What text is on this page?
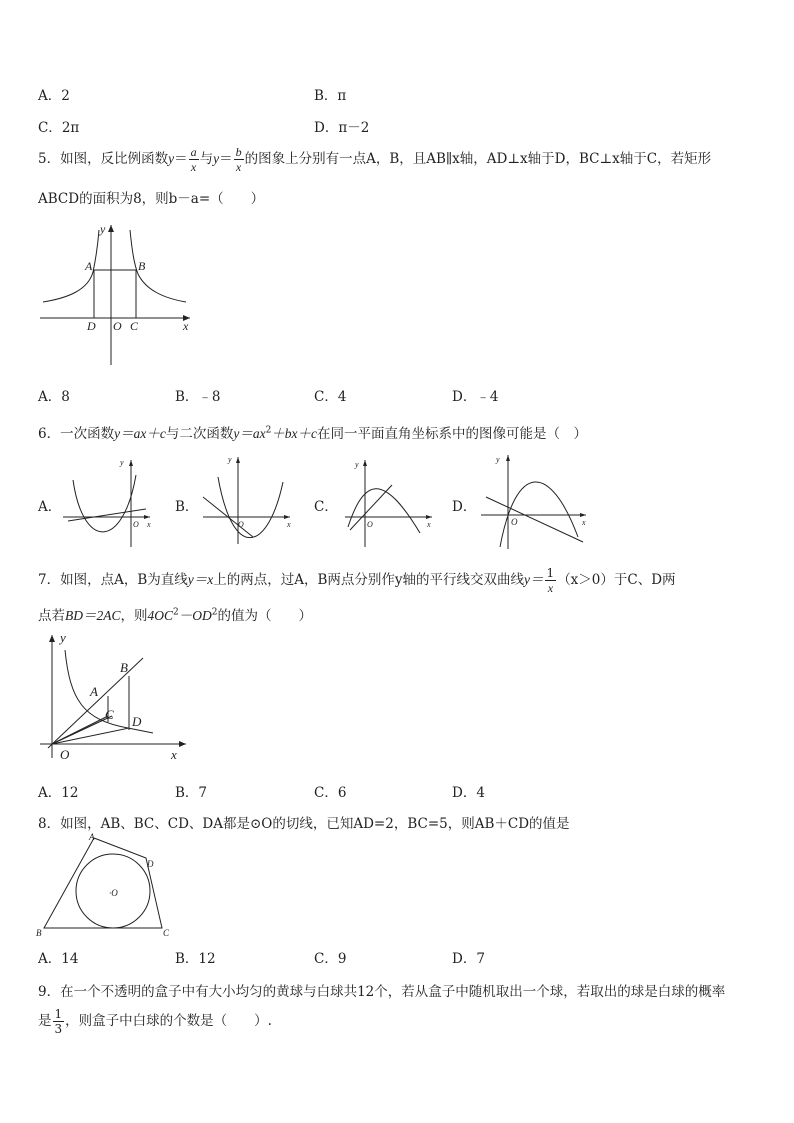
A．2	B．π
C．2π	D．π－2
5．如图，反比例函数$y= \frac{a}{x}$ 与$y= \frac{b}{x}$ 的图象上分别有一点A，B，且AB∥x轴，AD⊥x轴于D，BC⊥x轴于C，若矩形
ABCD的面积为8，则b－a=（　　）
y
x
A	B
D O C
A．8	B．﹣8	C．4	D．﹣4
6．一次函数y＝ax＋c与二次函数$y=ax^2+bx+c$在同一平面直角坐标系中的图像可能是（　）
A．
y
x
O
B．
y
x
O
C．
y
x
O
D．
y
x
O
7．如图，点A，B为直线y＝x上的两点，过A，B两点分别作y轴的平行线交双曲线$y= \frac{1}{x} (x>0)$于C、D两
点若BD＝2AC，则$4OC^2-OD^2$的值为（　　）
y
B
A
C D
O	x
A．12	B．7	C．6	D．4
8．如图，AB、BC、CD、DA都是⊙O的切线，已知AD=2，BC=5，则AB＋CD的值是
A
D
·O
B	C
A．14	B．12	C．9	D．7
9．在一个不透明的盒子中有大小均匀的黄球与白球共12个，若从盒子中随机取出一个球，若取出的球是白球的概率
是 $\frac{1}{3}$ ，则盒子中白球的个数是（　　）.
